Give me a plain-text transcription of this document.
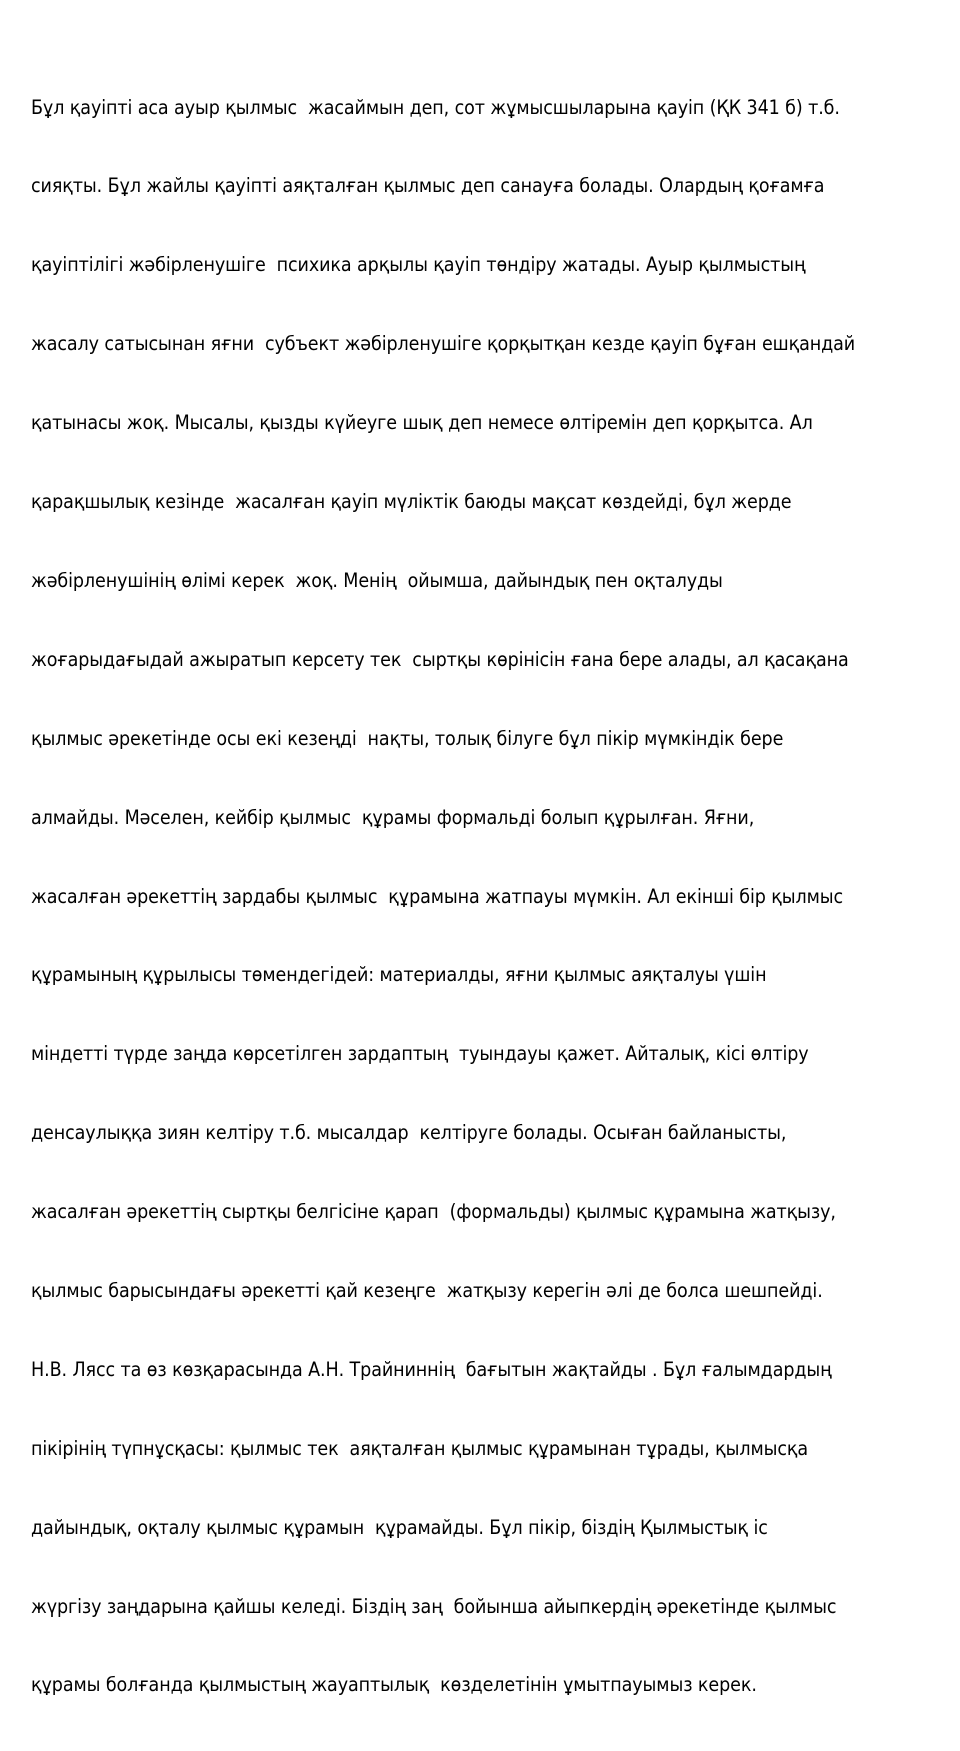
Бұл қауіпті аса ауыр қылмыс  жасаймын деп, сот жұмысшыларына қауіп (ҚК 341 б) т.б.

сияқты. Бұл жайлы қауіпті аяқталған қылмыс деп санауға болады. Олардың қоғамға

қауіптілігі жәбірленушіге  психика арқылы қауіп төндіру жатады. Ауыр қылмыстың

жасалу сатысынан яғни  субъект жәбірленушіге қорқытқан кезде қауіп бұған ешқандай

қатынасы жоқ. Мысалы, қызды күйеуге шық деп немесе өлтіремін деп қорқытса. Ал

қарақшылық кезінде  жасалған қауіп мүліктік баюды мақсат көздейді, бұл жерде

жәбірленушінің өлімі керек  жоқ. Менің  ойымша, дайындық пен оқталуды

жоғарыдағыдай ажыратып керсету тек  сыртқы көрінісін ғана бере алады, ал қасақана

қылмыс әрекетінде осы екі кезеңді  нақты, толық білуге бұл пікір мүмкіндік бере

алмайды. Мәселен, кейбір қылмыс  құрамы формальді болып құрылған. Яғни,

жасалған әрекеттің зардабы қылмыс  құрамына жатпауы мүмкін. Ал екінші бір қылмыс

құрамының құрылысы төмендегідей: материалды, яғни қылмыс аяқталуы үшін

міндетті түрде заңда көрсетілген зардаптың  туындауы қажет. Айталық, кісі өлтіру

денсаулыққа зиян келтіру т.б. мысалдар  келтіруге болады. Осыған байланысты,

жасалған әрекеттің сыртқы белгісіне қарап  (формальды) қылмыс құрамына жатқызу,

қылмыс барысындағы әрекетті қай кезеңге  жатқызу керегін әлі де болса шешпейді.

Н.В. Лясс та өз көзқарасында А.Н. Трайниннің  бағытын жақтайды . Бұл ғалымдардың

пікірінің түпнұсқасы: қылмыс тек  аяқталған қылмыс құрамынан тұрады, қылмысқа

дайындық, оқталу қылмыс құрамын  құрамайды. Бұл пікір, біздің Қылмыстық іс

жүргізу заңдарына қайшы келеді. Біздің заң  бойынша айыпкердің әрекетінде қылмыс

құрамы болғанда қылмыстың жауаптылық  көзделетінін ұмытпауымыз керек.
